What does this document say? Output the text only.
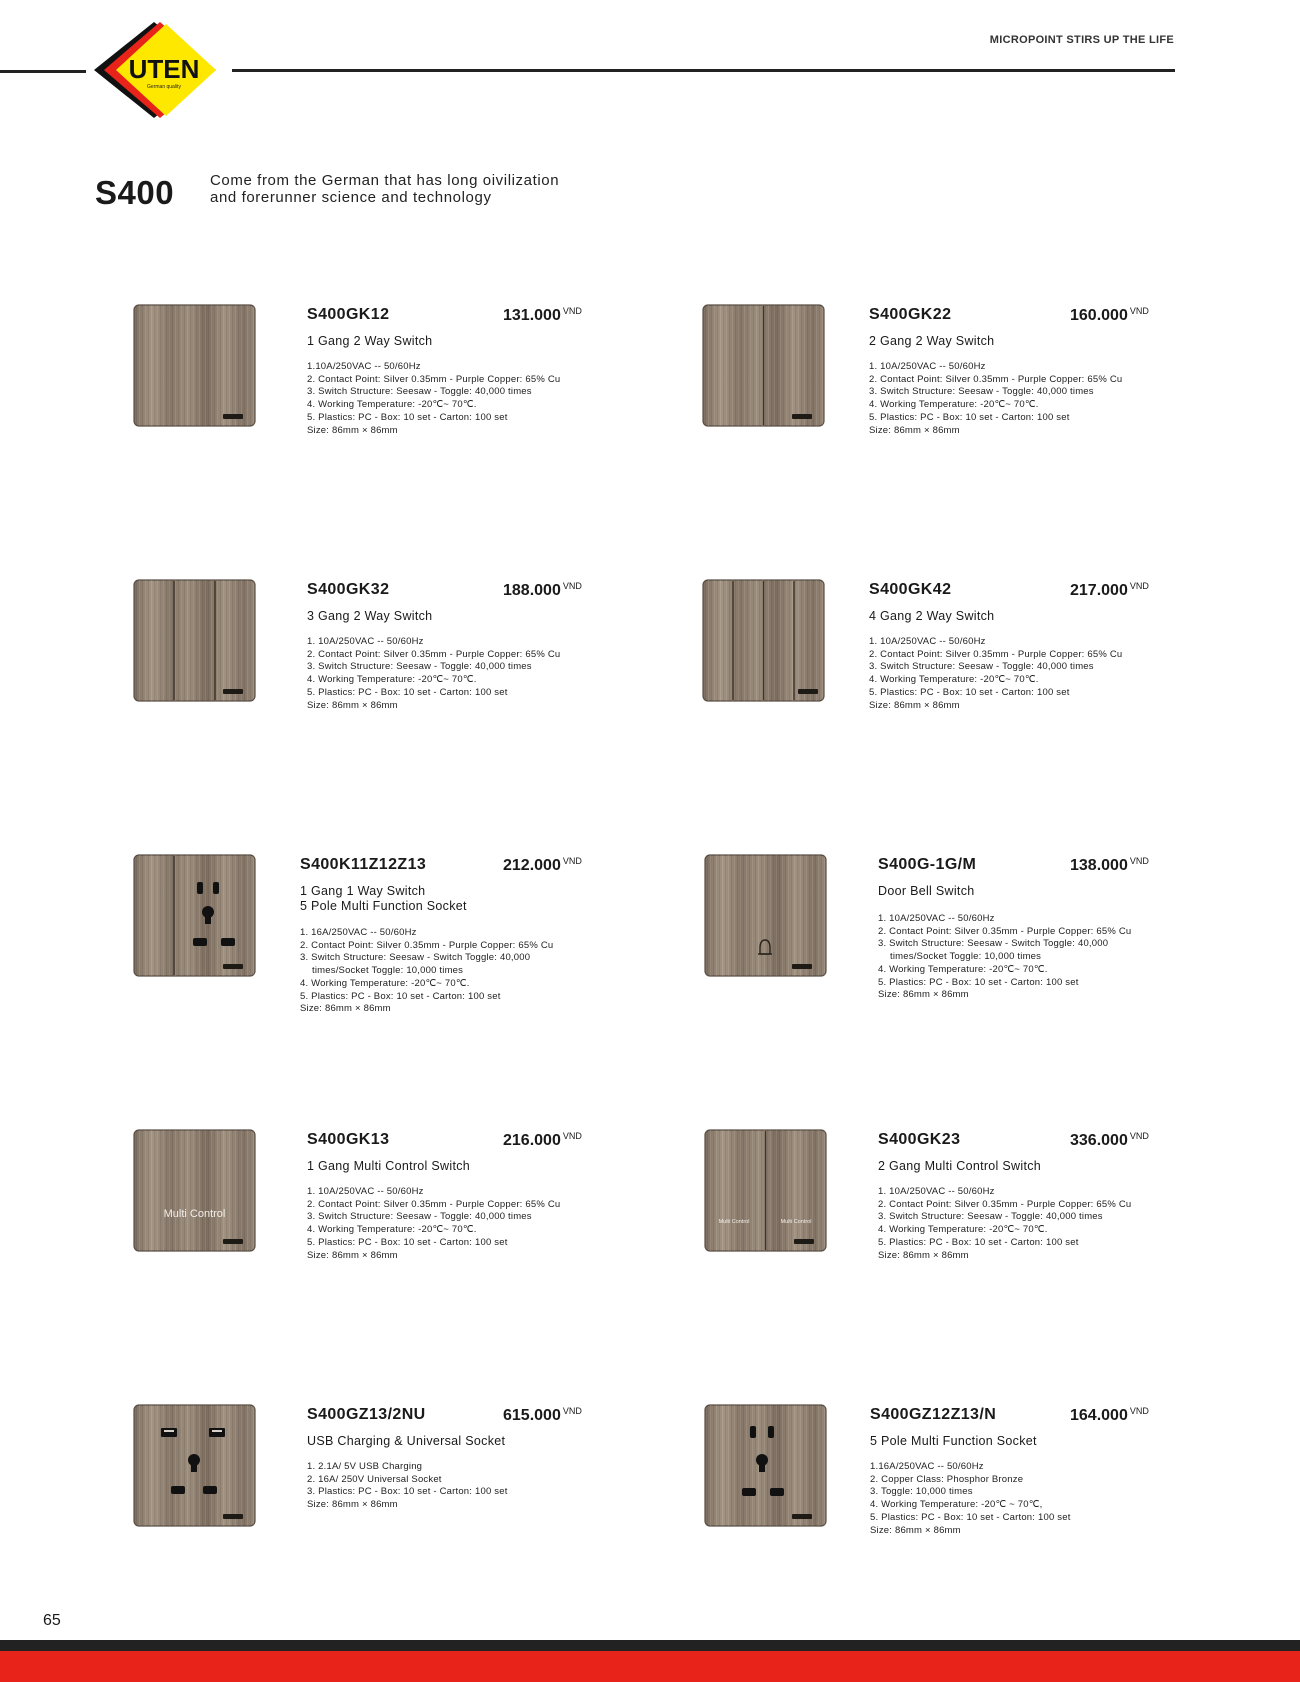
MICROPOINT STIRS UP THE LIFE
UTEN
German quality
S400 Come from the German that has long oivilization
and forerunner science and technology
S400GK12	131.000 $^{VND}$
1 Gang 2 Way Switch
1.10A/250VAC -- 50/60Hz
2. Contact Point: Silver 0.35mm - Purple Copper: 65% Cu
3. Switch Structure: Seesaw - Toggle: 40,000 times
4. Working Temperature: -20℃~ 70℃.
5. Plastics: PC - Box: 10 set - Carton: 100 set
Size: 86mm × 86mm
S400GK22	160.000 $^{VND}$
2 Gang 2 Way Switch
1. 10A/250VAC -- 50/60Hz
2. Contact Point: Silver 0.35mm - Purple Copper: 65% Cu
3. Switch Structure: Seesaw - Toggle: 40,000 times
4. Working Temperature: -20℃~ 70℃.
5. Plastics: PC - Box: 10 set - Carton: 100 set
Size: 86mm × 86mm
S400GK32	188.000 $^{VND}$
3 Gang 2 Way Switch
1. 10A/250VAC -- 50/60Hz
2. Contact Point: Silver 0.35mm - Purple Copper: 65% Cu
3. Switch Structure: Seesaw - Toggle: 40,000 times
4. Working Temperature: -20℃~ 70℃.
5. Plastics: PC - Box: 10 set - Carton: 100 set
Size: 86mm × 86mm
S400GK42	217.000 $^{VND}$
4 Gang 2 Way Switch
1. 10A/250VAC -- 50/60Hz
2. Contact Point: Silver 0.35mm - Purple Copper: 65% Cu
3. Switch Structure: Seesaw - Toggle: 40,000 times
4. Working Temperature: -20℃~ 70℃.
5. Plastics: PC - Box: 10 set - Carton: 100 set
Size: 86mm × 86mm
S400K11Z12Z13	212.000 $^{VND}$
1 Gang 1 Way Switch
5 Pole Multi Function Socket
1. 16A/250VAC -- 50/60Hz
2. Contact Point: Silver 0.35mm - Purple Copper: 65% Cu
3. Switch Structure: Seesaw - Switch Toggle: 40,000
times/Socket Toggle: 10,000 times
4. Working Temperature: -20℃~ 70℃.
5. Plastics: PC - Box: 10 set - Carton: 100 set
Size: 86mm × 86mm
S400G-1G/M	138.000 $^{VND}$
Door Bell Switch
1. 10A/250VAC -- 50/60Hz
2. Contact Point: Silver 0.35mm - Purple Copper: 65% Cu
3. Switch Structure: Seesaw - Switch Toggle: 40,000
times/Socket Toggle: 10,000 times
4. Working Temperature: -20℃~ 70℃.
5. Plastics: PC - Box: 10 set - Carton: 100 set
Size: 86mm × 86mm
Multi Control
S400GK13	216.000 $^{VND}$
1 Gang Multi Control Switch
1. 10A/250VAC -- 50/60Hz
2. Contact Point: Silver 0.35mm - Purple Copper: 65% Cu
3. Switch Structure: Seesaw - Toggle: 40,000 times
4. Working Temperature: -20℃~ 70℃.
5. Plastics: PC - Box: 10 set - Carton: 100 set
Size: 86mm × 86mm
Multi Control	Multi Control
S400GK23	336.000 $^{VND}$
2 Gang Multi Control Switch
1. 10A/250VAC -- 50/60Hz
2. Contact Point: Silver 0.35mm - Purple Copper: 65% Cu
3. Switch Structure: Seesaw - Toggle: 40,000 times
4. Working Temperature: -20℃~ 70℃.
5. Plastics: PC - Box: 10 set - Carton: 100 set
Size: 86mm × 86mm
S400GZ13/2NU	615.000 $^{VND}$
USB Charging & Universal Socket
1. 2.1A/ 5V USB Charging
2. 16A/ 250V Universal Socket
3. Plastics: PC - Box: 10 set - Carton: 100 set
Size: 86mm × 86mm
S400GZ12Z13/N	164.000 $^{VND}$
5 Pole Multi Function Socket
1.16A/250VAC -- 50/60Hz
2. Copper Class: Phosphor Bronze
3. Toggle: 10,000 times
4. Working Temperature: -20℃ ~ 70℃,
5. Plastics: PC - Box: 10 set - Carton: 100 set
Size: 86mm × 86mm
65
